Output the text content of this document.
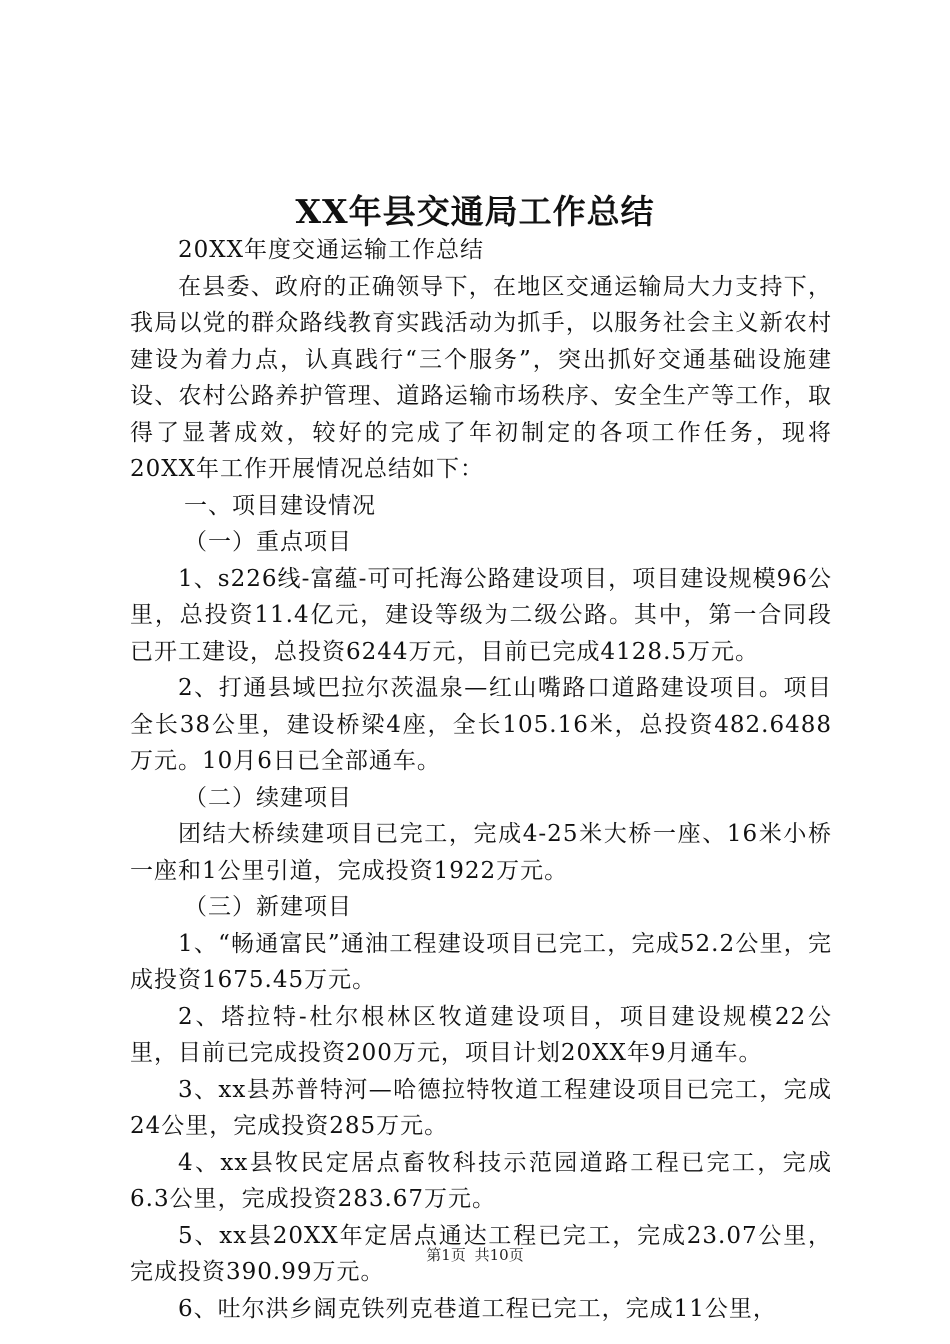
XX年县交通局工作总结

20XX年度交通运输工作总结

在县委、政府的正确领导下，在地区交通运输局大力支持下，我局以党的群众路线教育实践活动为抓手，以服务社会主义新农村建设为着力点，认真践行“三个服务”，突出抓好交通基础设施建设、农村公路养护管理、道路运输市场秩序、安全生产等工作，取得了显著成效，较好的完成了年初制定的各项工作任务，现将20XX年工作开展情况总结如下：

一、项目建设情况

（一）重点项目

1、s226线-富蕴-可可托海公路建设项目，项目建设规模96公里，总投资11.4亿元，建设等级为二级公路。其中，第一合同段已开工建设，总投资6244万元，目前已完成4128.5万元。

2、打通县域巴拉尔茨温泉—红山嘴路口道路建设项目。项目全长38公里，建设桥梁4座，全长105.16米，总投资482.6488万元。10月6日已全部通车。

（二）续建项目

团结大桥续建项目已完工，完成4-25米大桥一座、16米小桥一座和1公里引道，完成投资1922万元。

（三）新建项目

1、“畅通富民”通油工程建设项目已完工，完成52.2公里，完成投资1675.45万元。

2、塔拉特-杜尔根林区牧道建设项目，项目建设规模22公里，目前已完成投资200万元，项目计划20XX年9月通车。

3、xx县苏普特河—哈德拉特牧道工程建设项目已完工，完成24公里，完成投资285万元。

4、xx县牧民定居点畜牧科技示范园道路工程已完工，完成6.3公里，完成投资283.67万元。

5、xx县20XX年定居点通达工程已完工，完成23.07公里，完成投资390.99万元。

6、吐尔洪乡阔克铁列克巷道工程已完工，完成11公里，

第1页 共10页
